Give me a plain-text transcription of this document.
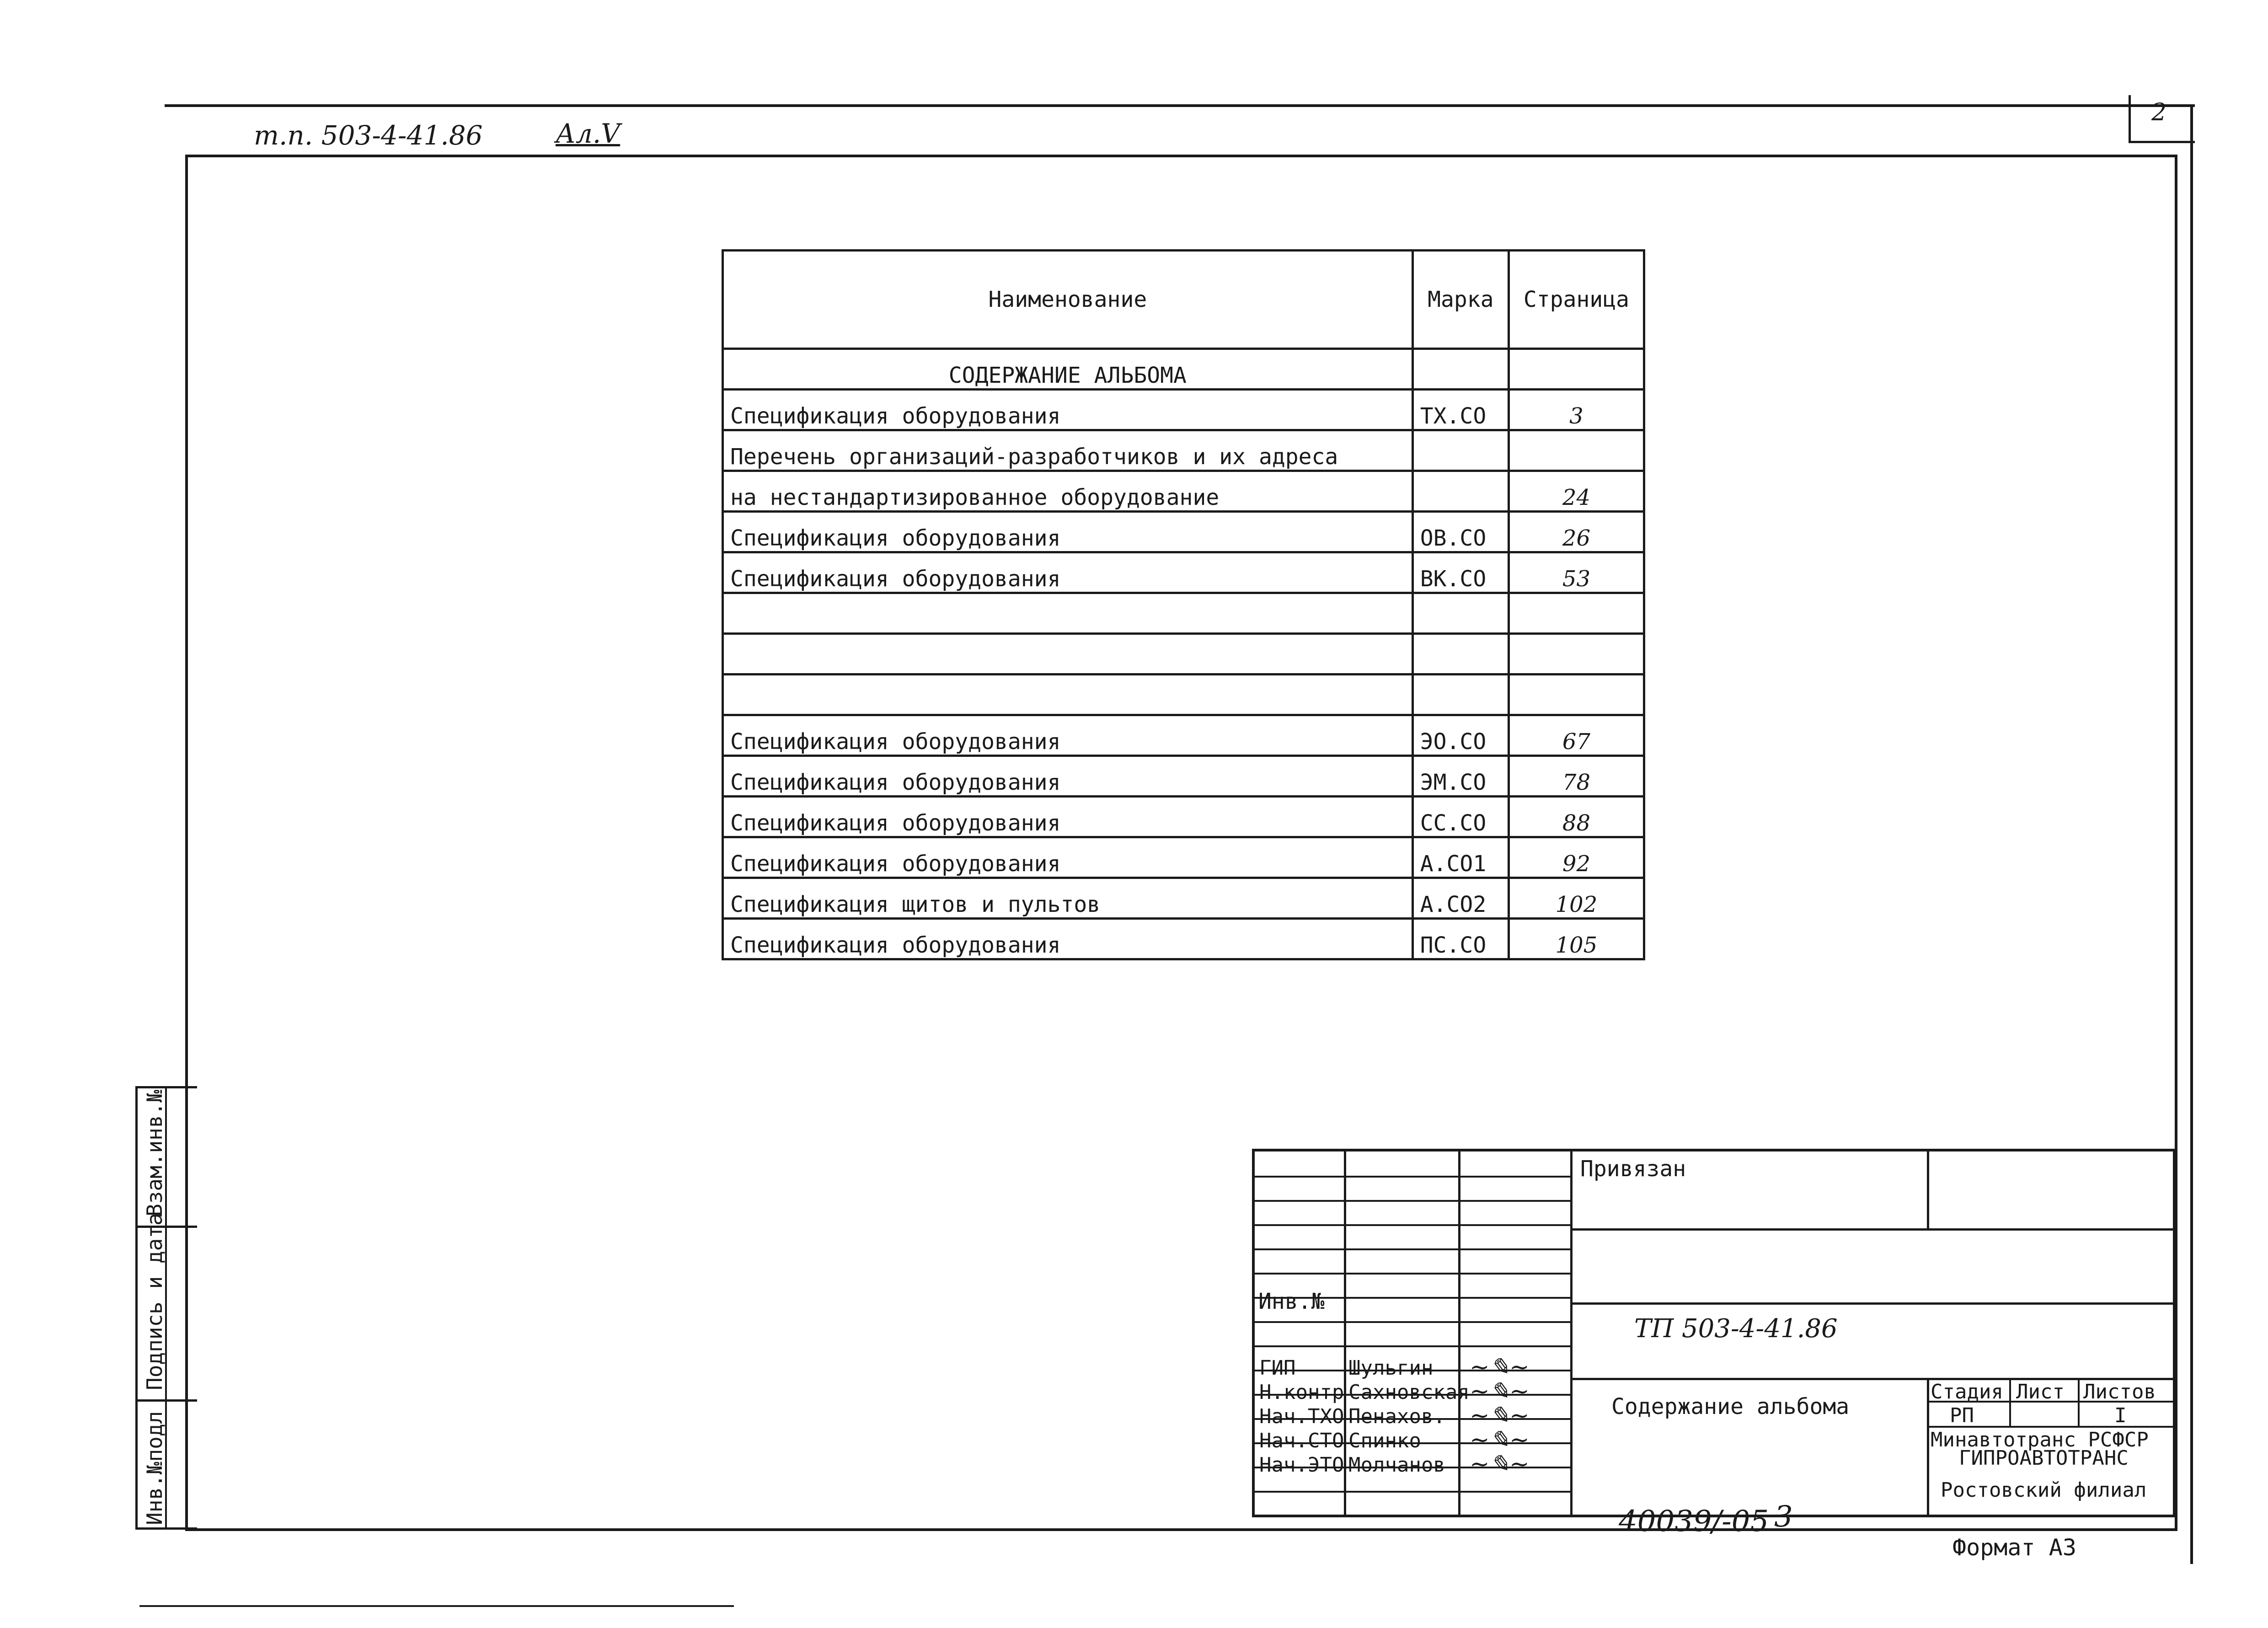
2
т.п. 503-4-41.86	Ал.V
Наименование	Марка	Страница
СОДЕРЖАНИЕ АЛЬБОМА		
Спецификация оборудования	ТХ.СО	3
Перечень организаций-разработчиков и их адреса		
на нестандартизированное оборудование		24
Спецификация оборудования	ОВ.СО	26
Спецификация оборудования	ВК.СО	53

Спецификация оборудования	ЭО.СО	67
Спецификация оборудования	ЭМ.СО	78
Спецификация оборудования	СС.СО	88
Спецификация оборудования	А.СО1	92
Спецификация щитов и пультов	А.СО2	102
Спецификация оборудования	ПС.СО	105
Инв.№подл
Подпись и дата
Взам.инв.№	Привязан
Инв.№
ТП 503-4-41.86
Содержание альбома
Стадия Лист Листов
РП	I
Минавтотранс РСФСР
ГИПРОАВТОТРАНС
Ростовский филиал
ГИП	Шульгин ~✎~
Н.контр Сахновская ~✎~
Нач.ТХО Пенахов. ~✎~
Нач.СТО Спинко ~✎~
Нач.ЭТО Молчанов ~✎~
40039/-05 3
Формат А3
